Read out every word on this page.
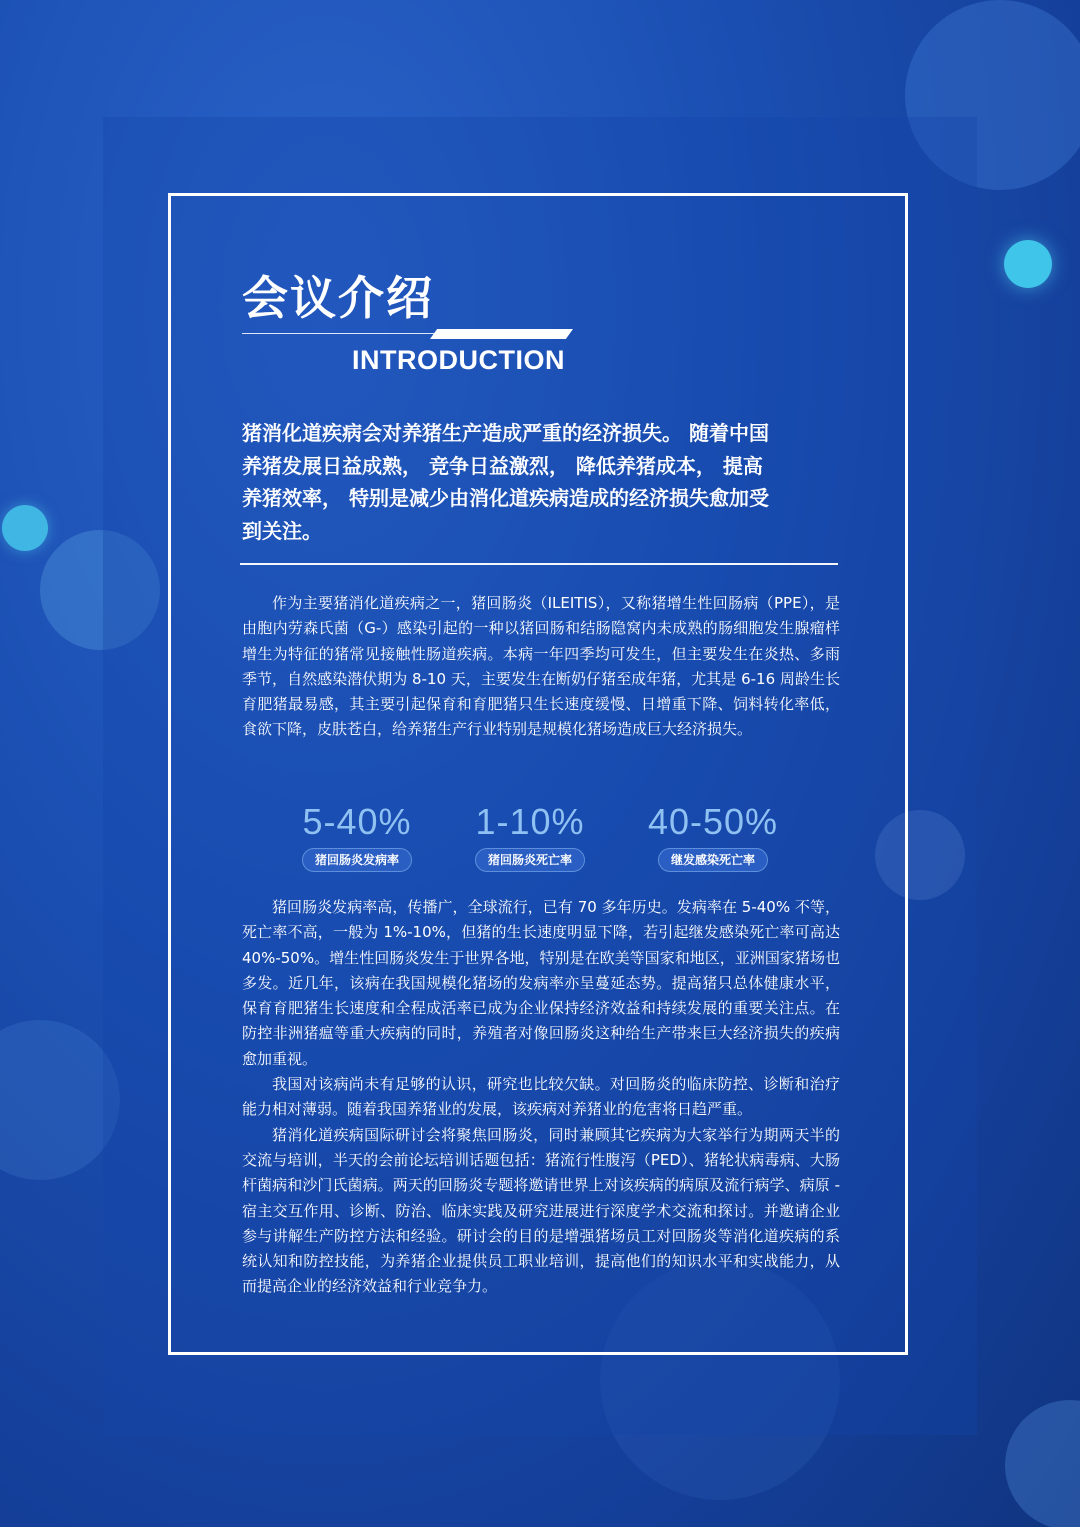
会议介绍
INTRODUCTION

猪消化道疾病会对养猪生产造成严重的经济损失。 随着中国
养猪发展日益成熟， 竞争日益激烈， 降低养猪成本， 提高
养猪效率， 特别是减少由消化道疾病造成的经济损失愈加受
到关注。

作为主要猪消化道疾病之一，猪回肠炎（ILEITIS），又称猪增生性回肠病（PPE），是由胞内劳森氏菌（G-）感染引起的一种以猪回肠和结肠隐窝内未成熟的肠细胞发生腺瘤样增生为特征的猪常见接触性肠道疾病。本病一年四季均可发生，但主要发生在炎热、多雨季节，自然感染潜伏期为 8-10 天，主要发生在断奶仔猪至成年猪，尤其是 6-16 周龄生长育肥猪最易感，其主要引起保育和育肥猪只生长速度缓慢、日增重下降、饲料转化率低，食欲下降，皮肤苍白，给养猪生产行业特别是规模化猪场造成巨大经济损失。

5-40%
猪回肠炎发病率
1-10%
猪回肠炎死亡率
40-50%
继发感染死亡率

猪回肠炎发病率高，传播广，全球流行，已有 70 多年历史。发病率在 5-40% 不等，死亡率不高，一般为 1%-10%，但猪的生长速度明显下降，若引起继发感染死亡率可高达 40%-50%。增生性回肠炎发生于世界各地，特别是在欧美等国家和地区，亚洲国家猪场也多发。近几年，该病在我国规模化猪场的发病率亦呈蔓延态势。提高猪只总体健康水平，保育育肥猪生长速度和全程成活率已成为企业保持经济效益和持续发展的重要关注点。在防控非洲猪瘟等重大疾病的同时，养殖者对像回肠炎这种给生产带来巨大经济损失的疾病愈加重视。

我国对该病尚未有足够的认识，研究也比较欠缺。对回肠炎的临床防控、诊断和治疗能力相对薄弱。随着我国养猪业的发展，该疾病对养猪业的危害将日趋严重。

猪消化道疾病国际研讨会将聚焦回肠炎，同时兼顾其它疾病为大家举行为期两天半的交流与培训，半天的会前论坛培训话题包括：猪流行性腹泻（PED）、猪轮状病毒病、大肠杆菌病和沙门氏菌病。两天的回肠炎专题将邀请世界上对该疾病的病原及流行病学、病原 - 宿主交互作用、诊断、防治、临床实践及研究进展进行深度学术交流和探讨。并邀请企业参与讲解生产防控方法和经验。研讨会的目的是增强猪场员工对回肠炎等消化道疾病的系统认知和防控技能，为养猪企业提供员工职业培训，提高他们的知识水平和实战能力，从而提高企业的经济效益和行业竞争力。
